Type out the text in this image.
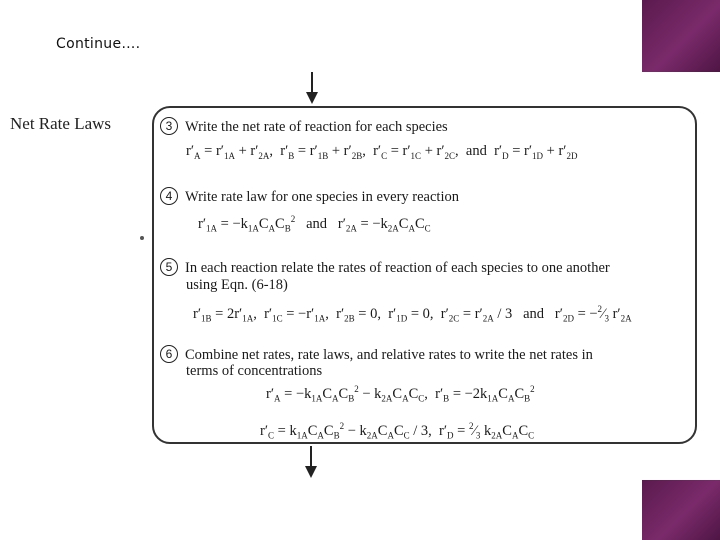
Continue….
Net Rate Laws	3 Write the net rate of reaction for each species
$r'_A = r'_{1A} + r'_{2A}$,  $r'_B = r'_{1B} + r'_{2B}$,  $r'_C = r'_{1C} + r'_{2C}$,  and  $r'_D = r'_{1D} + r'_{2D}$
4 Write rate law for one species in every reaction
$r'_{1A} = -k_{1A}C_AC_B^2$   and   $r'_{2A} = -k_{2A}C_AC_C$
5 In each reaction relate the rates of reaction of each species to one another
using Eqn. (6-18)
$r'_{1B} = 2r'_{1A}$,  $r'_{1C} = -r'_{1A}$,  $r'_{2B} = 0$,  $r'_{1D} = 0$,  $r'_{2C} = r'_{2A} / 3$   and   $r'_{2D}$ = $-^2⁄_3$ $r'_{2A}$
6 Combine net rates, rate laws, and relative rates to write the net rates in
terms of concentrations
$r'_A = -k_{1A}C_AC_B^2 - k_{2A}C_AC_C$,  $r'_B = -2k_{1A}C_AC_B^2$
$r'_C = k_{1A}C_AC_B^2 - k_{2A}C_AC_C / 3$,  $r'_D$ = $^2⁄_3$ $k_{2A}C_AC_C$
